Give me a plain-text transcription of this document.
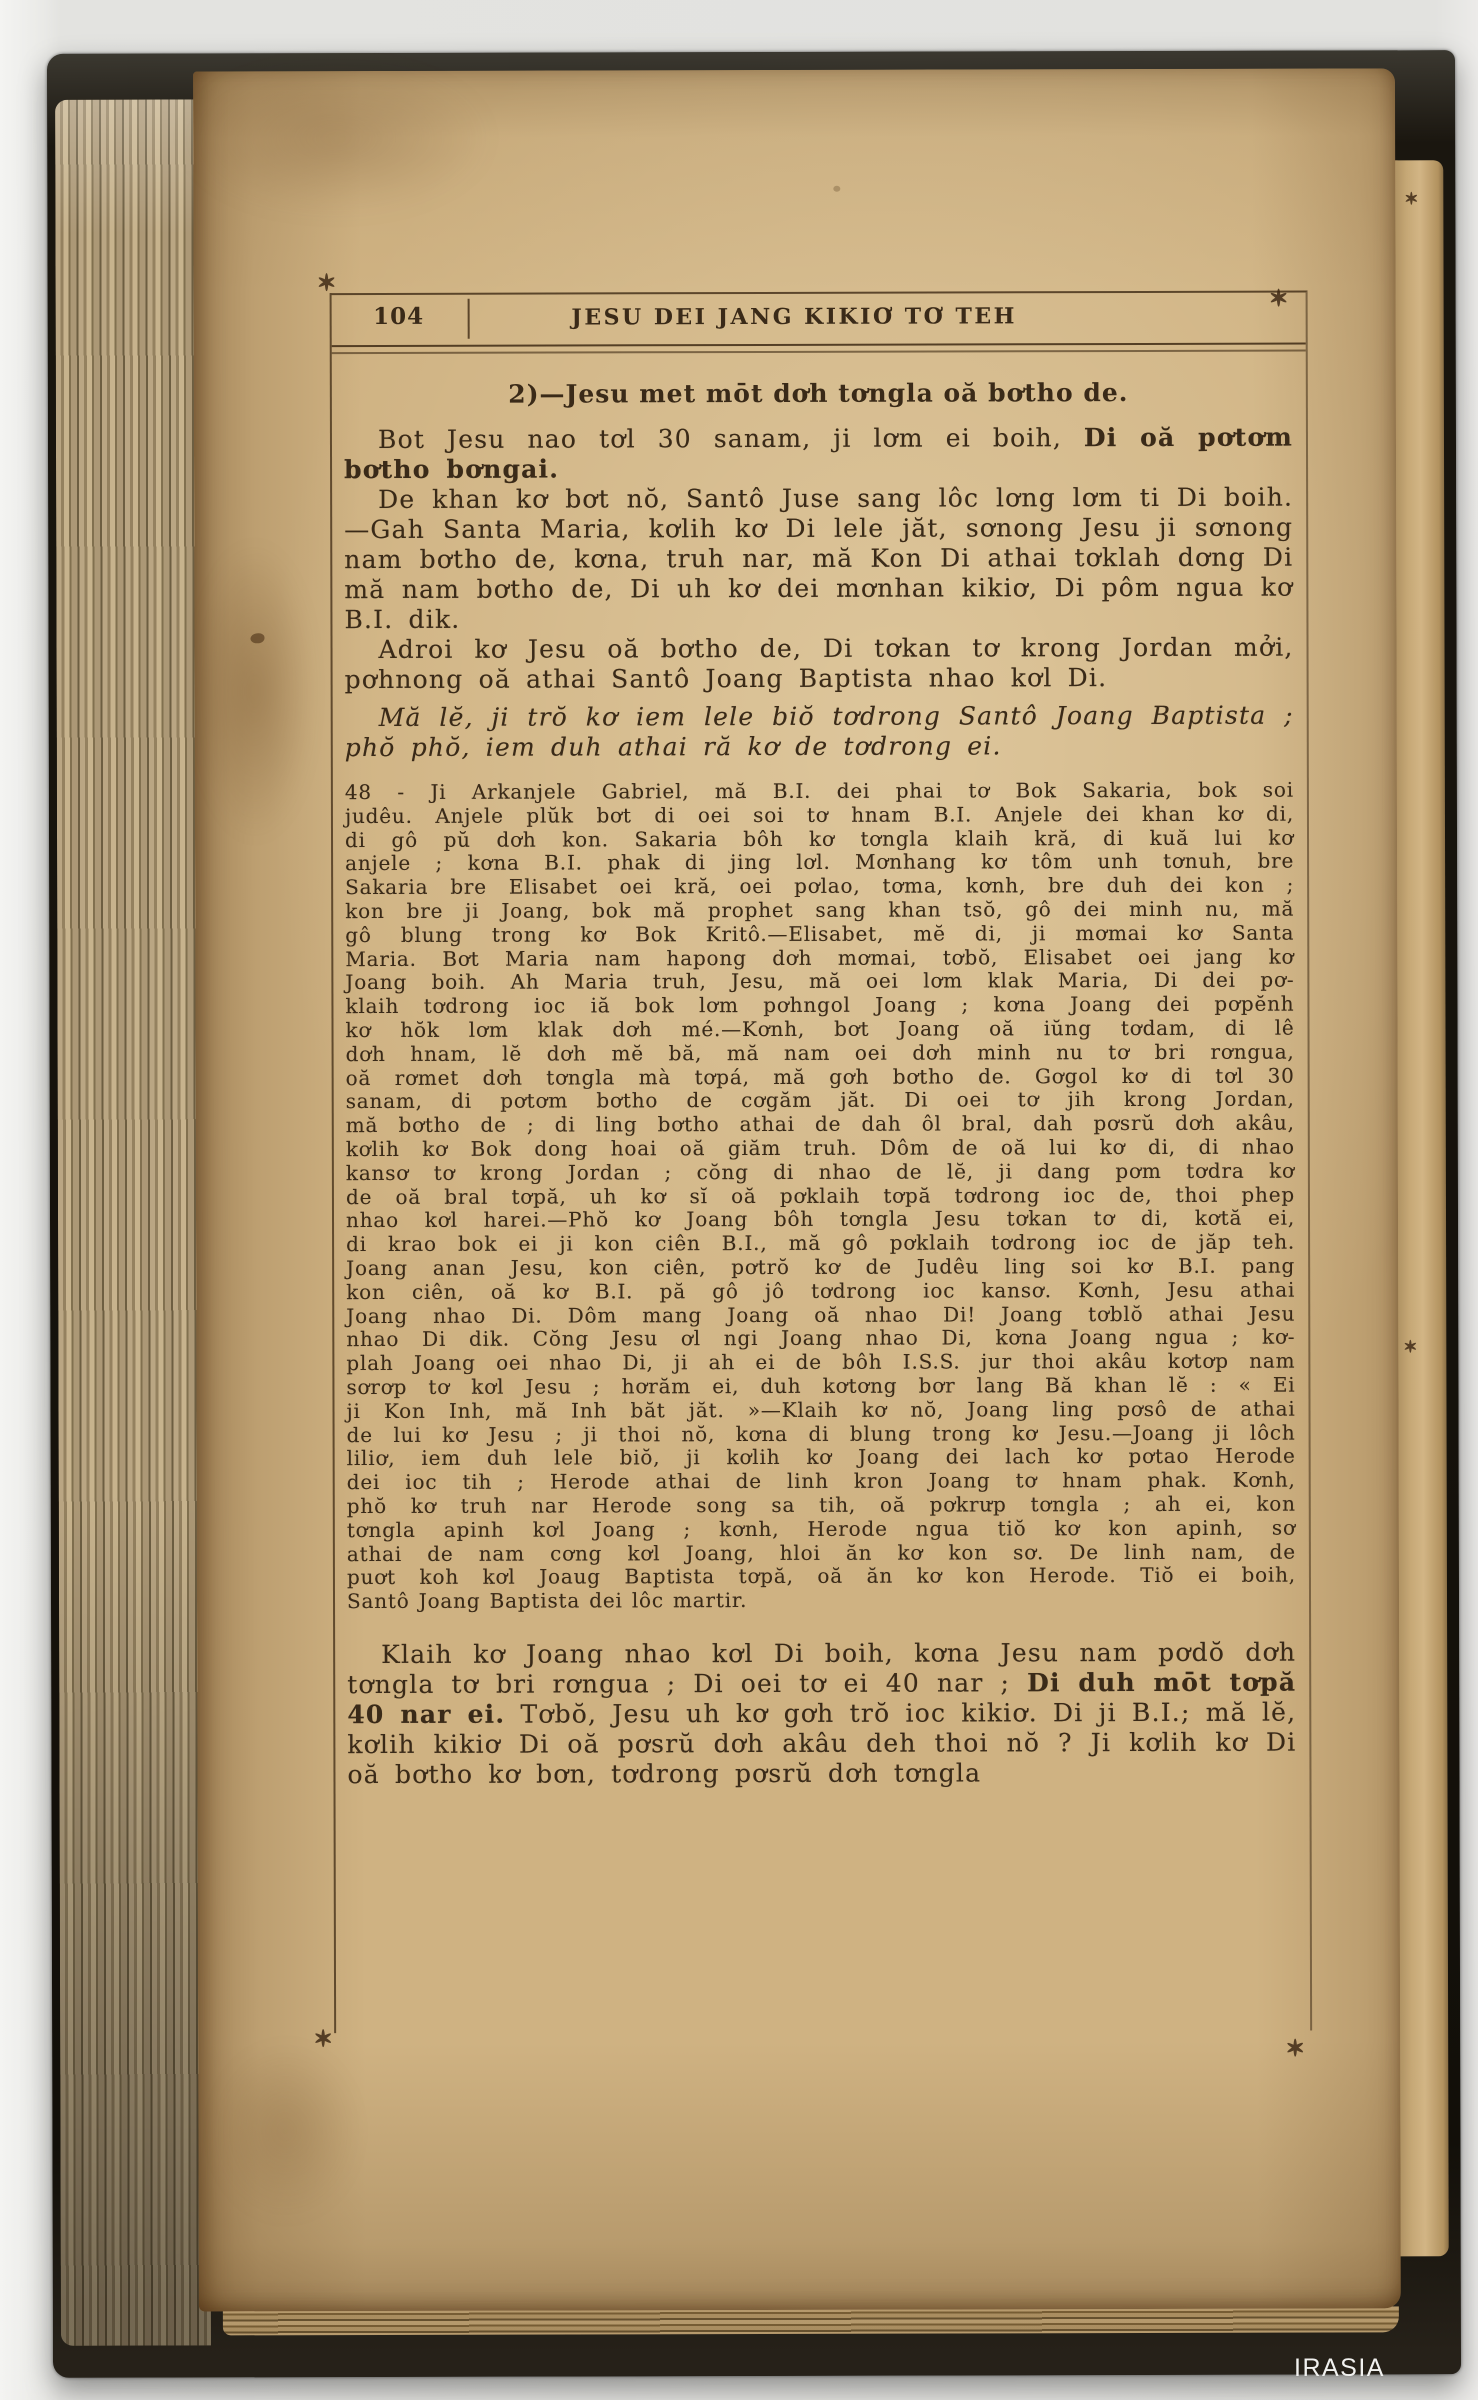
104	JESU DEI JANG KIKIƠ TƠ TEH
2)—Jesu met mōt dơh tơngla oă bơtho de.

Bot Jesu nao tơl 30 sanam, ji lơm ei boih, Di oă pơtơm bơtho bơngai.

De khan kơ bơt nŏ, Santô Juse sang lôc lơng lơm ti Di boih.—Gah Santa Maria, kơlih kơ Di lele jăt, sơnong Jesu ji sơnong nam bơtho de, kơna, truh nar, mă Kon Di athai tơklah dơng Di mă nam bơtho de, Di uh kơ dei mơnhan kikiơ, Di pôm ngua kơ B.I. dik.

Adroi kơ Jesu oă bơtho de, Di tơkan tơ krong Jordan mởi, pơhnong oă athai Santô Joang Baptista nhao kơl Di.

Mă lĕ, ji trŏ kơ iem lele biŏ tơdrong Santô Joang Baptista ; phŏ phŏ, iem duh athai ră kơ de tơdrong ei.

48 - Ji Arkanjele Gabriel, mă B.I. dei phai tơ Bok Sakaria, bok soi
judêu. Anjele plŭk bơt di oei soi tơ hnam B.I. Anjele dei khan kơ di,
di gô pŭ dơh kon. Sakaria bôh kơ tơngla klaih kră, di kuă lui kơ
anjele ; kơna B.I. phak di jing lơl. Mơnhang kơ tôm unh tơnuh, bre
Sakaria bre Elisabet oei kră, oei pơlao, tơma, kơnh, bre duh dei kon ;
kon bre ji Joang, bok mă prophet sang khan tsŏ, gô dei minh nu, mă
gô blung trong kơ Bok Kritô.—Elisabet, mĕ di, ji mơmai kơ Santa
Maria. Bơt Maria nam hapong dơh mơmai, tơbŏ, Elisabet oei jang kơ
Joang boih. Ah Maria truh, Jesu, mă oei lơm klak Maria, Di dei pơ-
klaih tơdrong ioc iă bok lơm pơhngol Joang ; kơna Joang dei pơpĕnh
kơ hŏk lơm klak dơh mé.—Kơnh, bơt Joang oă iŭng tơdam, di lê
dơh hnam, lĕ dơh mĕ bă, mă nam oei dơh minh nu tơ bri rơngua,
oă rơmet dơh tơngla mà tơpá, mă gơh bơtho de. Gơgol kơ di tơl 30
sanam, di pơtơm bơtho de cơgăm jăt. Di oei tơ jih krong Jordan,
mă bơtho de ; di ling bơtho athai de dah ôl bral, dah pơsrŭ dơh akâu,
kơlih kơ Bok dong hoai oă giăm truh. Dôm de oă lui kơ di, di nhao
kansơ tơ krong Jordan ; cŏng di nhao de lĕ, ji dang pơm tơdra kơ
de oă bral tơpă, uh kơ sĭ oă pơklaih tơpă tơdrong ioc de, thoi phep
nhao kơl harei.—Phŏ kơ Joang bôh tơngla Jesu tơkan tơ di, kơtă ei,
di krao bok ei ji kon ciên B.I., mă gô pơklaih tơdrong ioc de jăp teh.
Joang anan Jesu, kon ciên, pơtrŏ kơ de Judêu ling soi kơ B.I. pang
kon ciên, oă kơ B.I. pă gô jô tơdrong ioc kansơ. Kơnh, Jesu athai
Joang nhao Di. Dôm mang Joang oă nhao Di! Joang tơblŏ athai Jesu
nhao Di dik. Cŏng Jesu ơl ngi Joang nhao Di, kơna Joang ngua ; kơ-
plah Joang oei nhao Di, ji ah ei de bôh I.S.S. jur thoi akâu kơtơp nam
sơrơp tơ kơl Jesu ; hơrăm ei, duh kơtơng bơr lang Bă khan lĕ : « Ei
ji Kon Inh, mă Inh băt jăt. »—Klaih kơ nŏ, Joang ling pơsô de athai
de lui kơ Jesu ; ji thoi nŏ, kơna di blung trong kơ Jesu.—Joang ji lôch
liliơ, iem duh lele biŏ, ji kơlih kơ Joang dei lach kơ pơtao Herode
dei ioc tih ; Herode athai de linh kron Joang tơ hnam phak. Kơnh,
phŏ kơ truh nar Herode song sa tih, oă pơkrưp tơngla ; ah ei, kon
tơngla apinh kơl Joang ; kơnh, Herode ngua tiŏ kơ kon apinh, sơ
athai de nam cơng kơl Joang, hloi ăn kơ kon sơ. De linh nam, de
puơt koh kơl Joaug Baptista tơpă, oă ăn kơ kon Herode. Tiŏ ei boih,
Santô Joang Baptista dei lôc martir.

Klaih kơ Joang nhao kơl Di boih, kơna Jesu nam pơdŏ dơh tơngla tơ bri rơngua ; Di oei tơ ei 40 nar ; Di duh mōt tơpă 40 nar ei. Tơbŏ, Jesu uh kơ gơh trŏ ioc kikiơ. Di ji B.I.; mă lĕ, kơlih kikiơ Di oă pơsrŭ dơh akâu deh thoi nŏ ? Ji kơlih kơ Di oă bơtho kơ bơn, tơdrong pơsrŭ dơh tơngla

IRASIA
